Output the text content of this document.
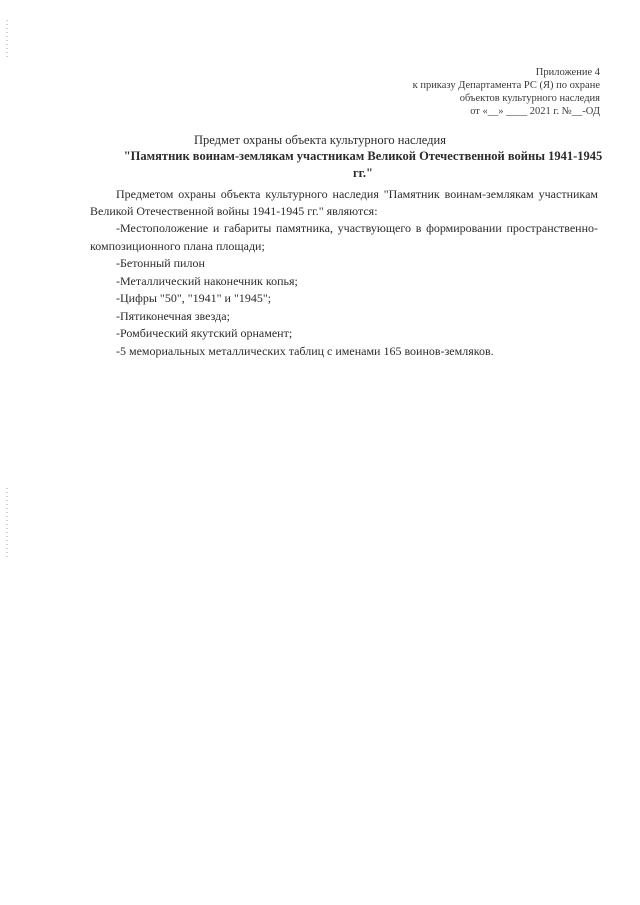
Приложение 4
к приказу Департамента РС (Я) по охране
объектов культурного наследия
от «__» ____ 2021 г. №__-ОД
Предмет охраны объекта культурного наследия
"Памятник воинам-землякам участникам Великой Отечественной войны 1941-1945 гг."

Предметом охраны объекта культурного наследия "Памятник воинам-землякам участникам Великой Отечественной войны 1941-1945 гг." являются:

-Местоположение и габариты памятника, участвующего в формировании пространственно-композиционного плана площади;
-Бетонный пилон
-Металлический наконечник копья;
-Цифры "50", "1941" и "1945";
-Пятиконечная звезда;
-Ромбический якутский орнамент;
-5 мемориальных металлических таблиц с именами 165 воинов-земляков.
